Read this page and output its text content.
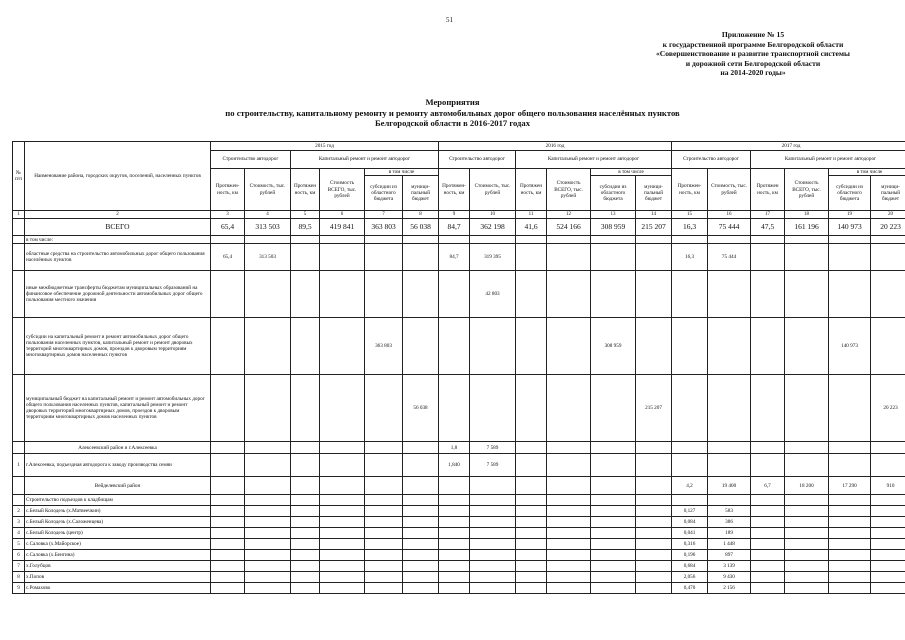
51
Приложение № 15
к государственной программе Белгородской области
«Совершенствование и развитие транспортной системы
и дорожной сети Белгородской области
на 2014-2020 годы»
Мероприятия
по строительству, капитальному ремонту и ремонту автомобильных дорог общего пользования населённых пунктов
Белгородской области в 2016-2017 годах
№ п/п	Наименование района, городских округов, поселений, населенных пунктов	2015 год						2016 год						2017 год					
		Строительство автодорог		Капитальный ремонт и ремонт автодорог				Строительство автодорог		Капитальный ремонт и ремонт автодорог				Строительство автодорог		Капитальный ремонт и ремонт автодорог			
		Протяжен- ность, км	Стоимость, тыс. рублей	Протяжен ность, км	Стоимость ВСЕГО, тыс. рублей	в том числе		Протяжен- ность, км	Стоимость, тыс. рублей	Протяжен ность, км	Стоимость ВСЕГО, тыс. рублей	в том числе		Протяжен- ность, км	Стоимость, тыс. рублей	Протяжен ность, км	Стоимость ВСЕГО, тыс. рублей	в том числе	
						субсидии из областного бюджета	муници- пальный бюджет					субсидии из областного бюджета	муници- пальный бюджет					субсидии из областного бюджета	муници- пальный бюджет
1	2	3	4	5	6	7	8	9	10	11	12	13	14	15	16	17	18	19	20
	ВСЕГО	65,4	313 503	89,5	419 841	363 803	56 038	84,7	362 198	41,6	524 166	308 959	215 207	16,3	75 444	47,5	161 196	140 973	20 223
	в том числе:																		
	областные средства на строительство автомобильных дорог общего пользования населённых пунктов	65,4	313 503					84,7	319 395					16,3	75 444				
	иные межбюджетные трансферты бюджетам муниципальных образований на финансовое обеспечение дорожной деятельности автомобильных дорог общего пользования местного значения								42 803										
	субсидии на капитальный ремонт и ремонт автомобильных дорог общего пользования населенных пунктов, капитальный ремонт и ремонт дворовых территорий многоквартирных домов, проездов к дворовым территориям многоквартирных домов населенных пунктов					363 803						308 959						140 973	
	муниципальный бюджет на капитальный ремонт и ремонт автомобильных дорог общего пользования населенных пунктов, капитальный ремонт и ремонт дворовых территорий многоквартирных домов, проездов к дворовым территориям многоквартирных домов населенных пунктов						56 038						215 207						20 223
	Алексеевский район и г.Алексеевка							1,8	7 589										
1	г.Алексеевка, подъездная автодорога к заводу производства семян							1,840	7 589										
	Вейделевский район													4,2	19 400	6,7	18 200	17 290	910
	Строительство подъездов к кладбищам																		
2	с.Белый Колодезь (х.Матвеечкин)													0,127	583				
3	с.Белый Колодезь (х.Саложенцева)													0,084	386				
4	с.Белый Колодезь (центр)													0,041	189				
5	с.Саловка (х.Майорское)													0,316	1 448				
6	с.Саловка (х.Бенгина)													0,196	897				
7	х.Голубцов													0,684	3 139				
8	х.Попов													2,056	9 430				
9	с.Ромахово													0,470	2 156				
